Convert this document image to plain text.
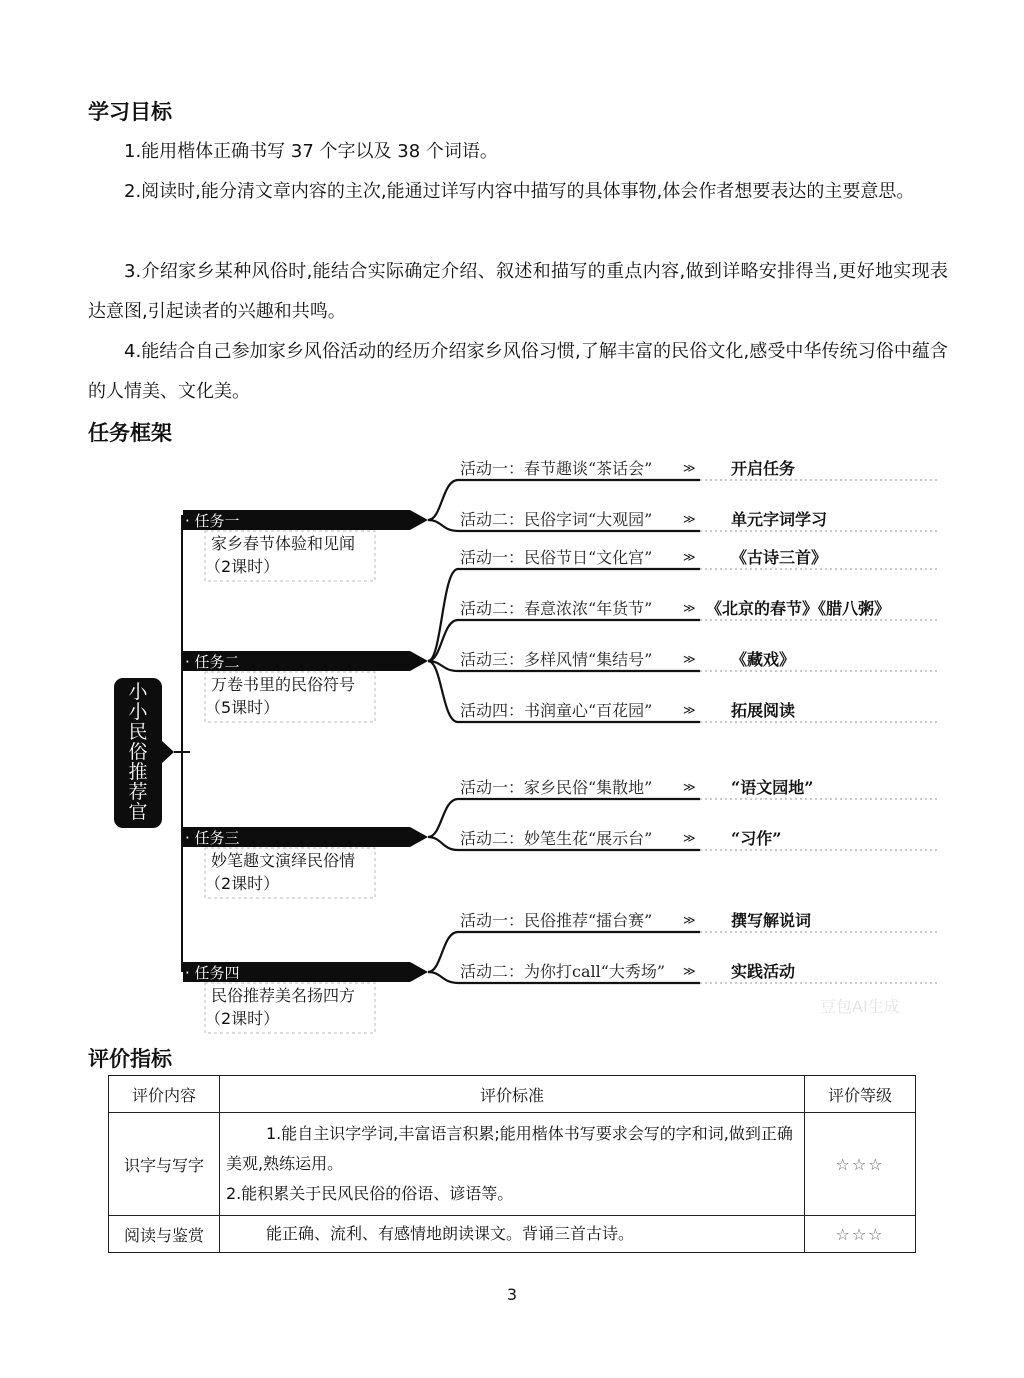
学习目标

1.能用楷体正确书写 37 个字以及 38 个词语。

2.阅读时,能分清文章内容的主次,能通过详写内容中描写的具体事物,体会作者想要表达的主要意思。

3.介绍家乡某种风俗时,能结合实际确定介绍、叙述和描写的重点内容,做到详略安排得当,更好地实现表达意图,引起读者的兴趣和共鸣。

4.能结合自己参加家乡风俗活动的经历介绍家乡风俗习惯,了解丰富的民俗文化,感受中华传统习俗中蕴含的人情美、文化美。

任务框架
小
小
民
俗
推
荐
官
· 任务一
家乡春节体验和见闻
（2课时）
· 任务二
万卷书里的民俗符号
（5课时）
· 任务三
妙笔趣文演绎民俗情
（2课时）
· 任务四
民俗推荐美名扬四方
（2课时）
活动一：春节趣谈“茶话会”	≫ 开启任务
活动二：民俗字词“大观园”	≫ 单元字词学习
活动一：民俗节日“文化宫”	≫ 《古诗三首》
活动二：春意浓浓“年货节”	≫ 《北京的春节》《腊八粥》
活动三：多样风情“集结号”	≫ 《藏戏》
活动四：书润童心“百花园”	≫ 拓展阅读
活动一：家乡民俗“集散地”	≫ “语文园地”
活动二：妙笔生花“展示台”	≫ “习作”
活动一：民俗推荐“擂台赛”	≫ 撰写解说词
活动二：为你打call“大秀场” ≫ 实践活动
豆包AI生成
评价指标
评价内容	评价标准	评价等级
识字与写字	1.能自主识字学词,丰富语言积累;能用楷体书写要求会写的字和词,做到正确美观,熟练运用。
2.能积累关于民风民俗的俗语、谚语等。	☆☆☆
阅读与鉴赏	能正确、流利、有感情地朗读课文。背诵三首古诗。	☆☆☆
3
